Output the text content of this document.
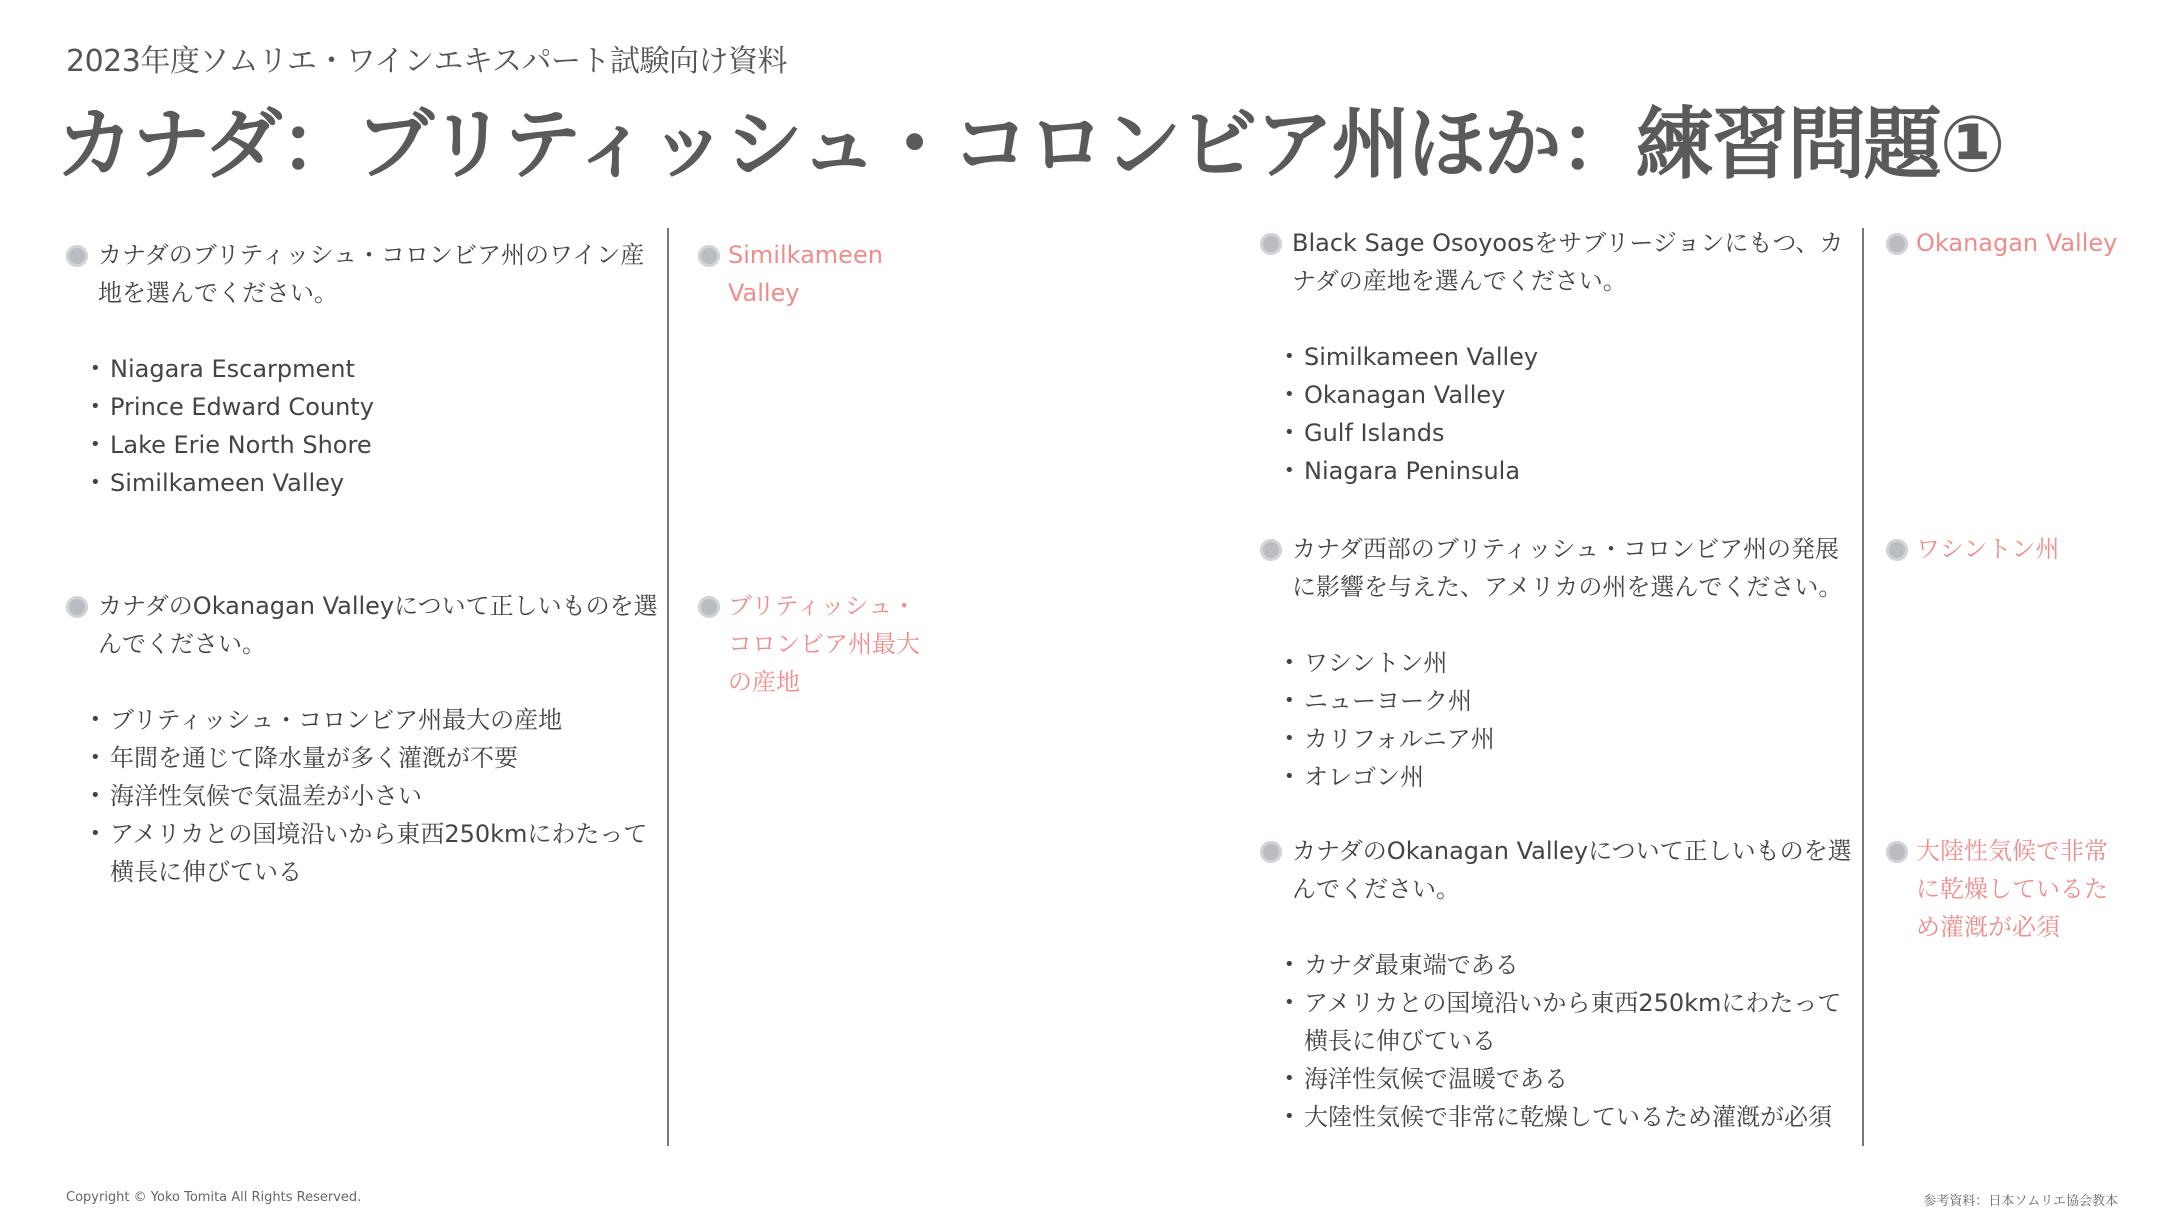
2023年度ソムリエ・ワインエキスパート試験向け資料
カナダ：ブリティッシュ・コロンビア州ほか：練習問題①
カナダのブリティッシュ・コロンビア州のワイン産地を選んでください。
• Niagara Escarpment
• Prince Edward County
• Lake Erie North Shore
• Similkameen Valley
Similkameen Valley
カナダのOkanagan Valleyについて正しいものを選んでください。
• ブリティッシュ・コロンビア州最大の産地
• 年間を通じて降水量が多く灌漑が不要
• 海洋性気候で気温差が小さい
• アメリカとの国境沿いから東西250kmにわたって横長に伸びている
ブリティッシュ・コロンビア州最大の産地
Black Sage Osoyoosをサブリージョンにもつ、カナダの産地を選んでください。
• Similkameen Valley
• Okanagan Valley
• Gulf Islands
• Niagara Peninsula
Okanagan Valley
カナダ西部のブリティッシュ・コロンビア州の発展に影響を与えた、アメリカの州を選んでください。
• ワシントン州
• ニューヨーク州
• カリフォルニア州
• オレゴン州
ワシントン州
カナダのOkanagan Valleyについて正しいものを選んでください。
• カナダ最東端である
• アメリカとの国境沿いから東西250kmにわたって横長に伸びている
• 海洋性気候で温暖である
• 大陸性気候で非常に乾燥しているため灌漑が必須
大陸性気候で非常に乾燥しているため灌漑が必須
Copyright © Yoko Tomita All Rights Reserved.	参考資料：日本ソムリエ協会教本
